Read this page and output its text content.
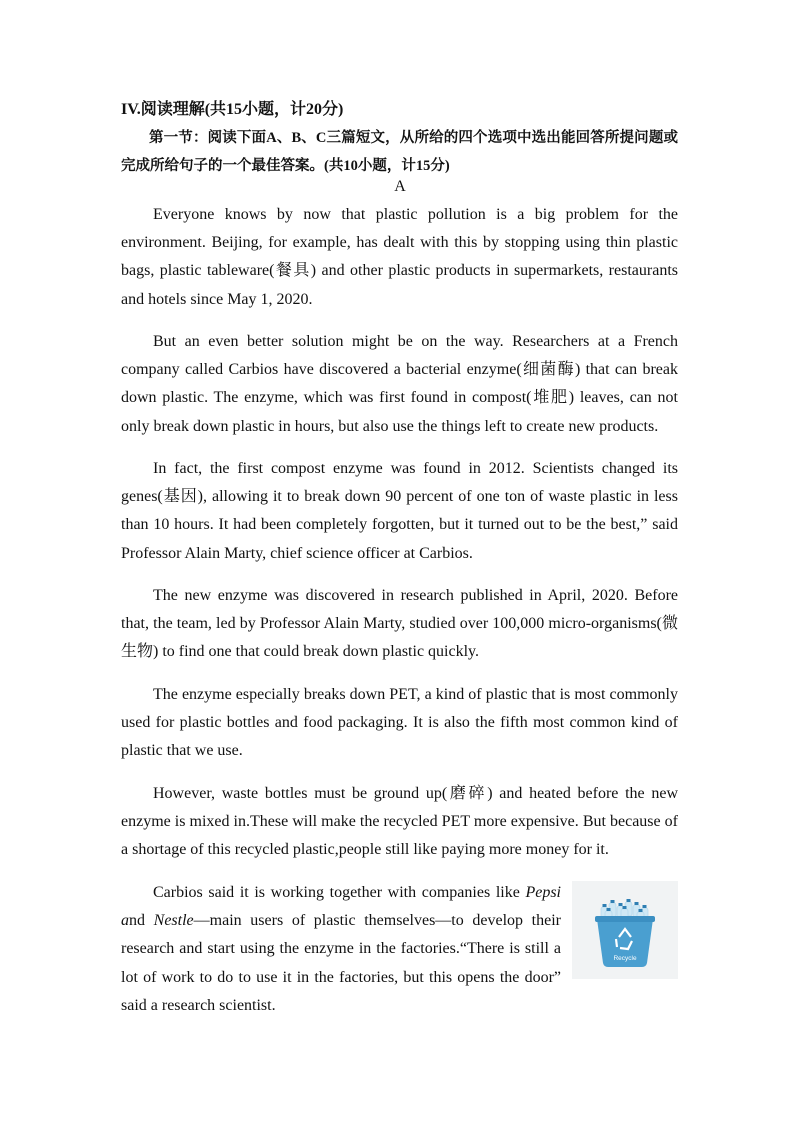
IV.阅读理解(共15小题，计20分)
第一节：阅读下面A、B、C三篇短文，从所给的四个选项中选出能回答所提问题或完成所给句子的一个最佳答案。(共10小题，计15分)
A

Everyone knows by now that plastic pollution is a big problem for the environment. Beijing, for example, has dealt with this by stopping using thin plastic bags, plastic tableware(餐具) and other plastic products in supermarkets, restaurants and hotels since May 1, 2020.

But an even better solution might be on the way. Researchers at a French company called Carbios have discovered a bacterial enzyme(细菌酶) that can break down plastic. The enzyme, which was first found in compost(堆肥) leaves, can not only break down plastic in hours, but also use the things left to create new products.

In fact, the first compost enzyme was found in 2012. Scientists changed its genes(基因), allowing it to break down 90 percent of one ton of waste plastic in less than 10 hours. It had been completely forgotten, but it turned out to be the best,” said Professor Alain Marty, chief science officer at Carbios.

The new enzyme was discovered in research published in April, 2020. Before that, the team, led by Professor Alain Marty, studied over 100,000 micro-organisms(微生物) to find one that could break down plastic quickly.

The enzyme especially breaks down PET, a kind of plastic that is most commonly used for plastic bottles and food packaging. It is also the fifth most common kind of plastic that we use.

However, waste bottles must be ground up(磨碎) and heated before the new enzyme is mixed in.These will make the recycled PET more expensive. But because of a shortage of this recycled plastic,people still like paying more money for it.

Carbios said it is working together with companies like Pepsi and Nestle—main users of plastic themselves—to develop their research and start using the enzyme in the factories.“There is still a lot of work to do to use it in the factories, but this opens the door” said a research scientist.

Recycle
